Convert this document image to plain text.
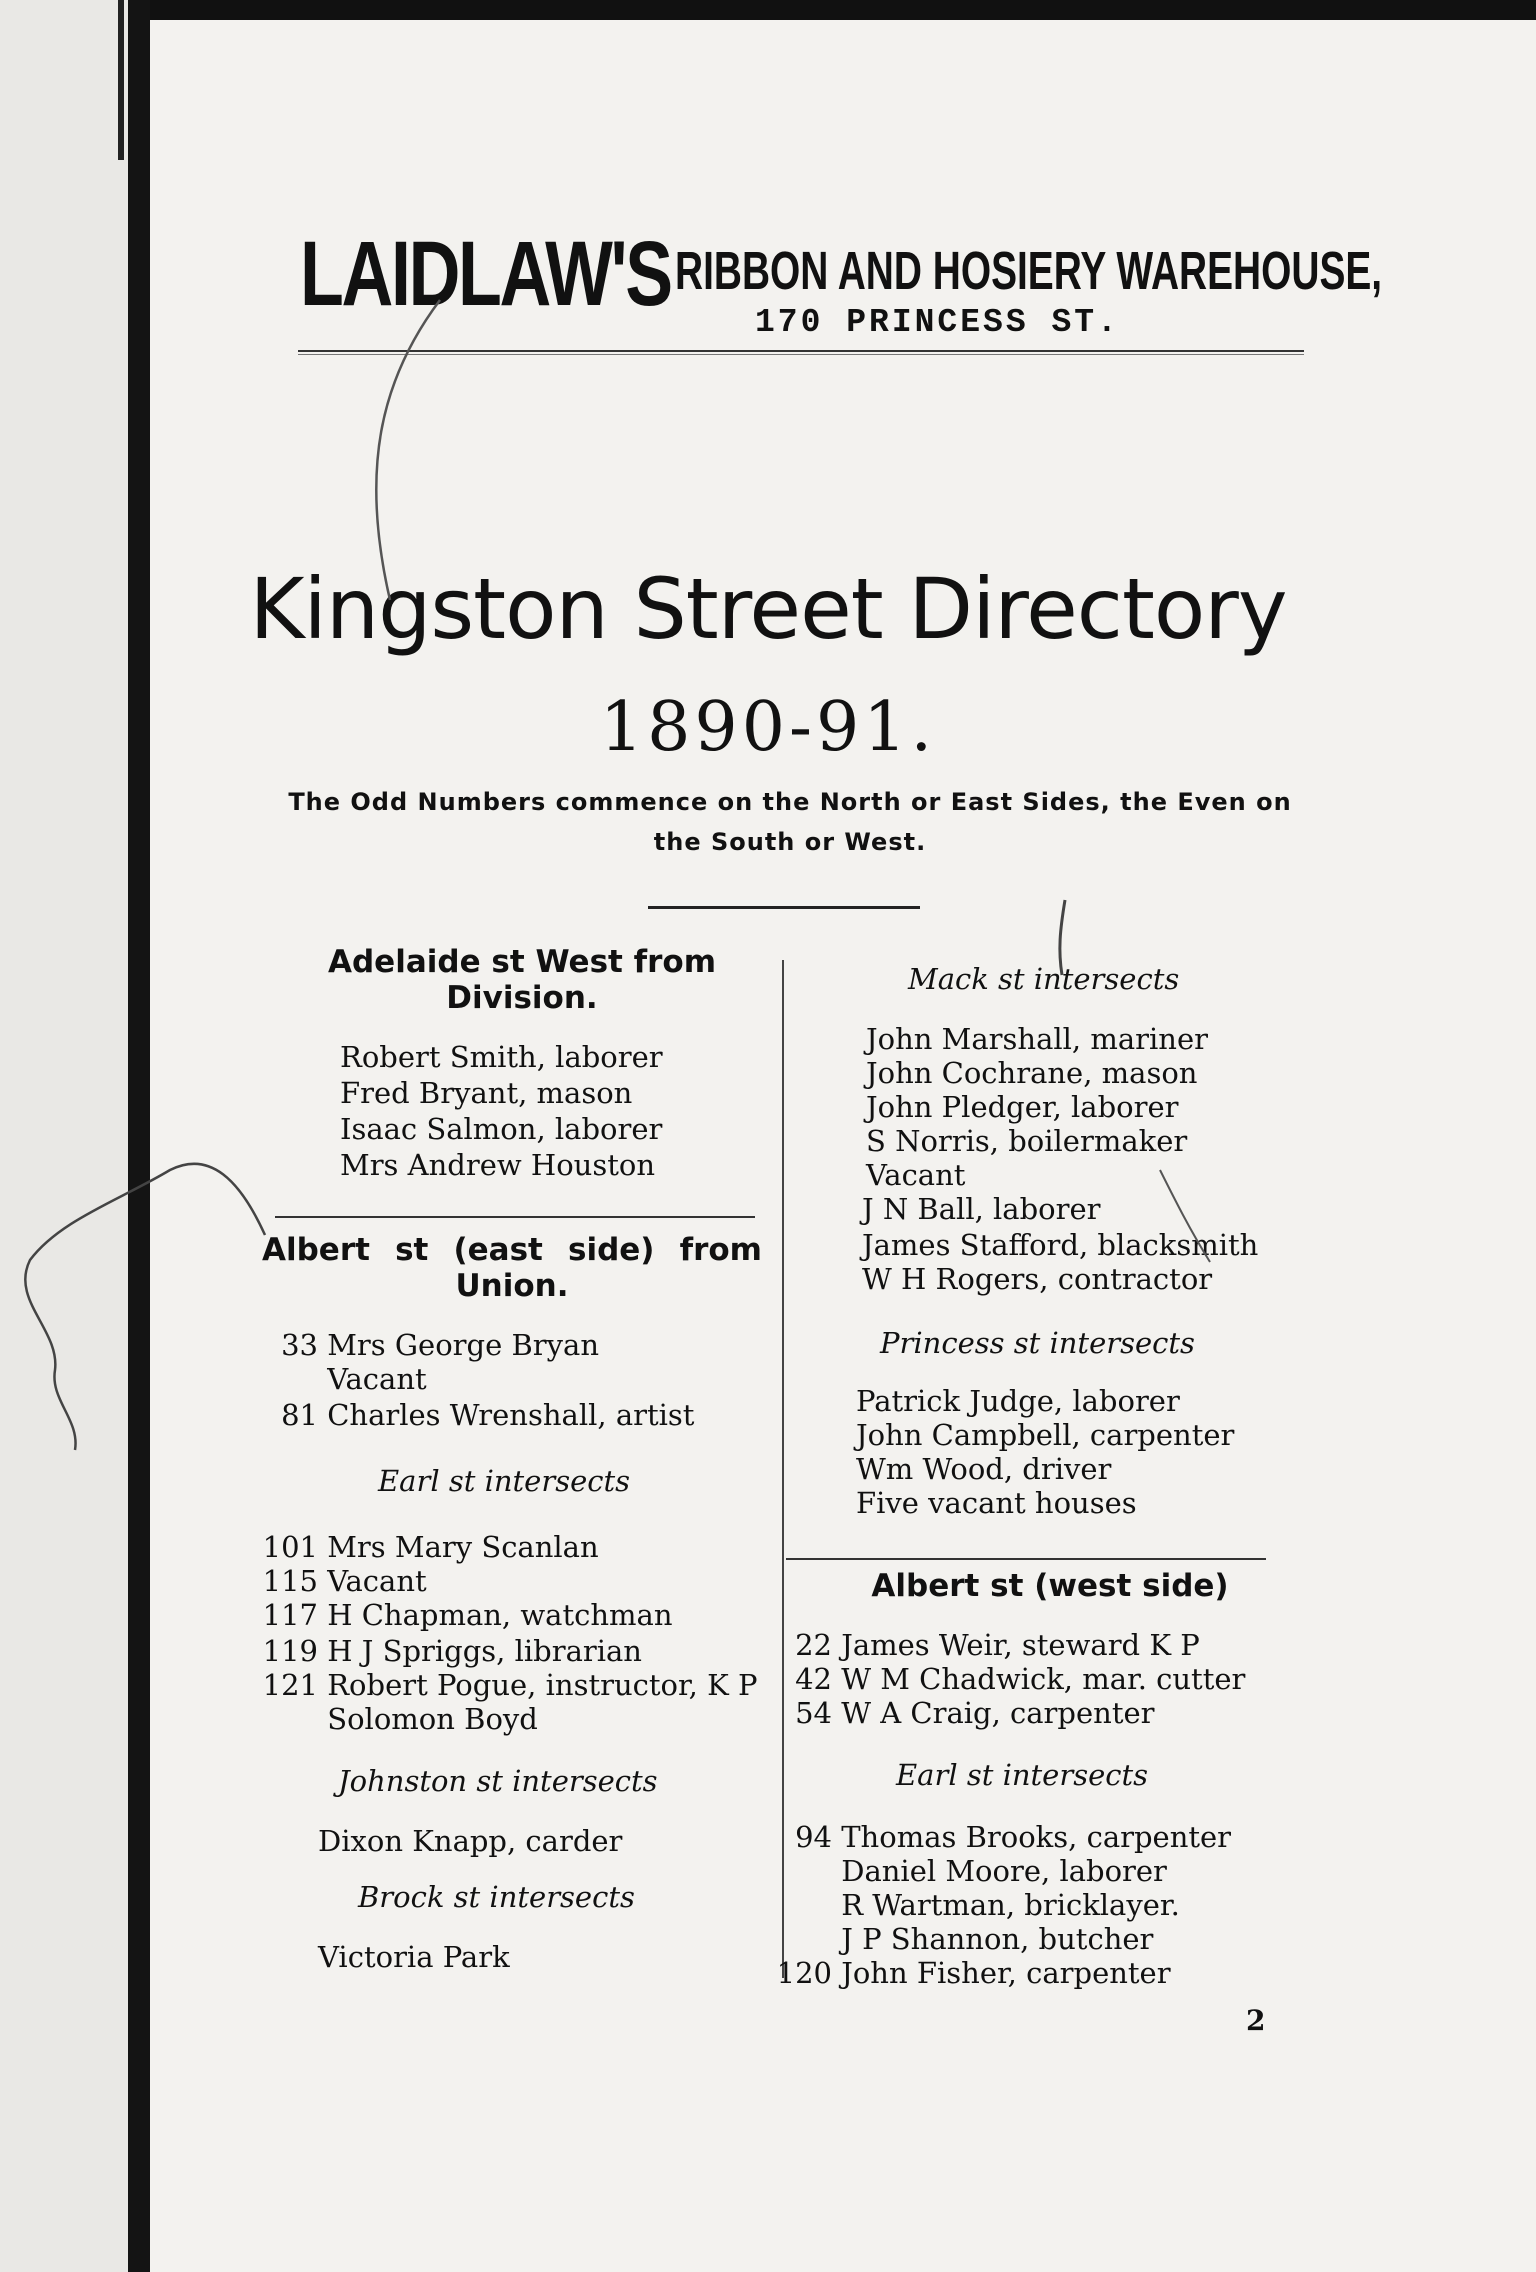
LAIDLAW'S RIBBON AND HOSIERY WAREHOUSE,
170 PRINCESS ST.
Kingston Street Directory
1890-91.
The Odd Numbers commence on the North or East Sides, the Even on the South or West.
Adelaide st West from Division.
Robert Smith, laborer
Fred Bryant, mason
Isaac Salmon, laborer
Mrs Andrew Houston
Albert st (east side) from Union.
33 Mrs George Bryan
Vacant
81 Charles Wrenshall, artist
Earl st intersects
101 Mrs Mary Scanlan
115 Vacant
117 H Chapman, watchman
119 H J Spriggs, librarian
121 Robert Pogue, instructor, K P
Solomon Boyd
Johnston st intersects
Dixon Knapp, carder
Brock st intersects
Victoria Park
Mack st intersects
John Marshall, mariner
John Cochrane, mason
John Pledger, laborer
S Norris, boilermaker
Vacant
J N Ball, laborer
James Stafford, blacksmith
W H Rogers, contractor
Princess st intersects
Patrick Judge, laborer
John Campbell, carpenter
Wm Wood, driver
Five vacant houses
Albert st (west side)
22 James Weir, steward K P
42 W M Chadwick, mar. cutter
54 W A Craig, carpenter
Earl st intersects
94 Thomas Brooks, carpenter
Daniel Moore, laborer
R Wartman, bricklayer.
J P Shannon, butcher
120 John Fisher, carpenter
2
